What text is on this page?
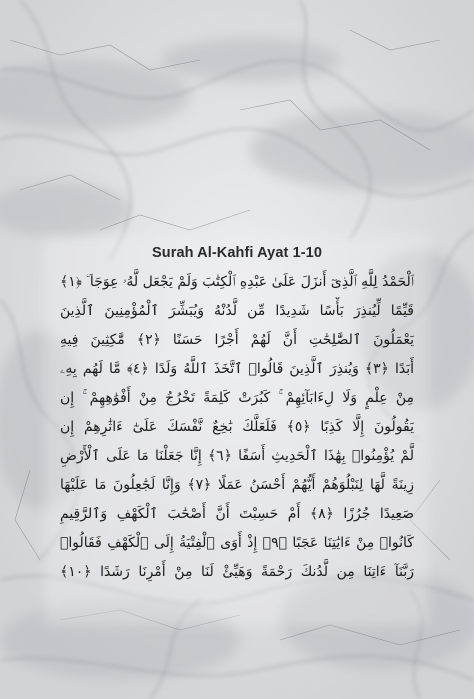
Surah Al-Kahfi Ayat 1-10
ٱلْحَمْدُ لِلَّهِ ٱلَّذِىٓ أَنزَلَ عَلَىٰ عَبْدِهِ ٱلْكِتَٰبَ وَلَمْ يَجْعَل لَّهُۥ عِوَجَا ۜ ﴿١﴾
قَيِّمًا لِّيُنذِرَ بَأْسًا شَدِيدًا مِّن لَّدُنْهُ وَيُبَشِّرَ ٱلْمُؤْمِنِينَ ٱلَّذِينَ
يَعْمَلُونَ ٱلصَّٰلِحَٰتِ أَنَّ لَهُمْ أَجْرًا حَسَنًا ﴿٢﴾ مَّٰكِثِينَ فِيهِ
أَبَدًا ﴿٣﴾ وَيُنذِرَ ٱلَّذِينَ قَالُوا۟ ٱتَّخَذَ ٱللَّهُ وَلَدًا ﴿٤﴾ مَّا لَهُم بِهِۦ
مِنْ عِلْمٍ وَلَا لِءَابَآئِهِمْ ۚ كَبُرَتْ كَلِمَةً تَخْرُجُ مِنْ أَفْوَٰهِهِمْ ۚ إِن
يَقُولُونَ إِلَّا كَذِبًا ﴿٥﴾ فَلَعَلَّكَ بَٰخِعٌ نَّفْسَكَ عَلَىٰٓ ءَاثَٰرِهِمْ إِن
لَّمْ يُؤْمِنُوا۟ بِهَٰذَا ٱلْحَدِيثِ أَسَفًا ﴿٦﴾ إِنَّا جَعَلْنَا مَا عَلَى ٱلْأَرْضِ
زِينَةً لَّهَا لِنَبْلُوَهُمْ أَيُّهُمْ أَحْسَنُ عَمَلًا ﴿٧﴾ وَإِنَّا لَجَٰعِلُونَ مَا عَلَيْهَا
صَعِيدًا جُرُزًا ﴿٨﴾ أَمْ حَسِبْتَ أَنَّ أَصْحَٰبَ ٱلْكَهْفِ وَٱلرَّقِيمِ
كَانُوا۟ مِنْ ءَايَٰتِنَا عَجَبًا ﴿٩﴾ إِذْ أَوَى ٱلْفِتْيَةُ إِلَى ٱلْكَهْفِ فَقَالُوا۟
رَبَّنَآ ءَاتِنَا مِن لَّدُنكَ رَحْمَةً وَهَيِّئْ لَنَا مِنْ أَمْرِنَا رَشَدًا ﴿١٠﴾
